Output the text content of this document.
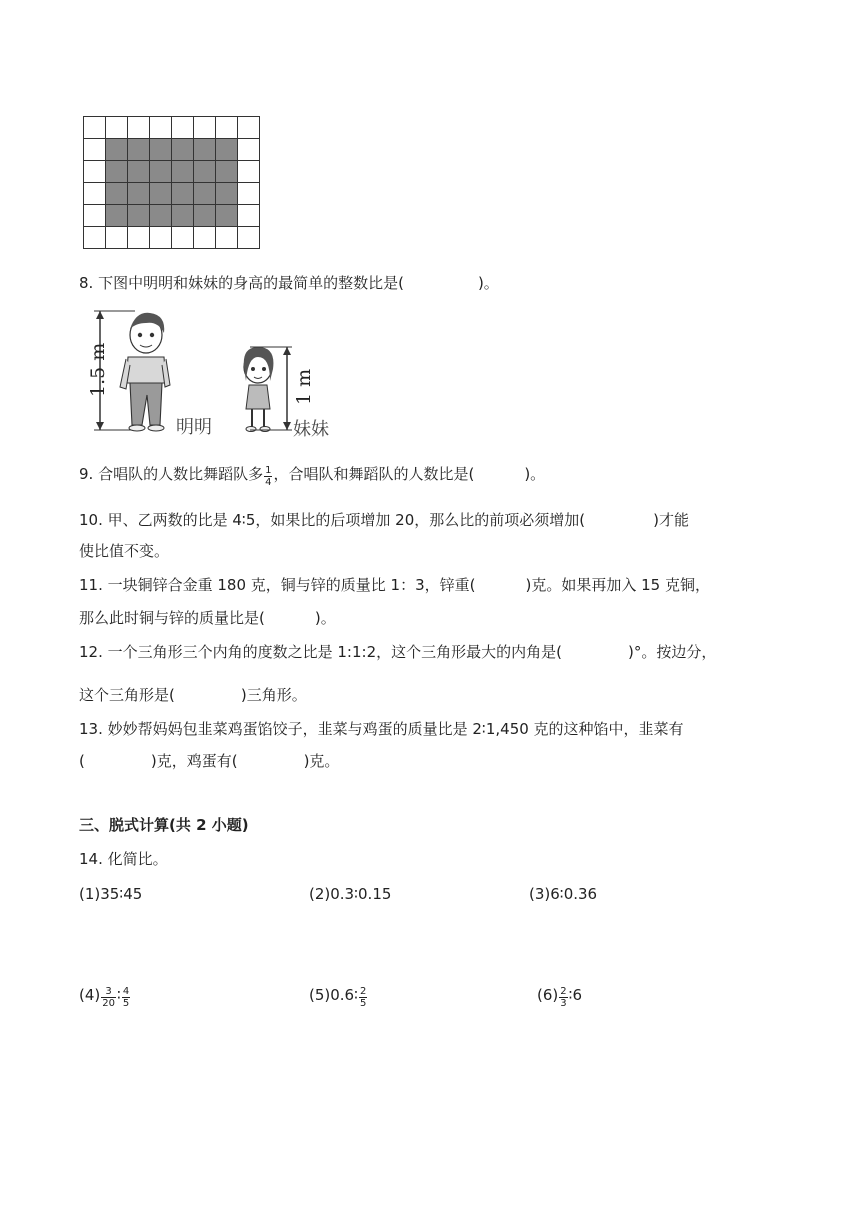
8. 下图中明明和妹妹的身高的最简单的整数比是(	)。
1.5 m
明明
1 m
妹妹
9. 合唱队的人数比舞蹈队多 $\frac{1}{4}$ ，合唱队和舞蹈队的人数比是(	)。
10. 甲、乙两数的比是 4∶5，如果比的后项增加 20，那么比的前项必须增加(	)才能
使比值不变。
11. 一块铜锌合金重 180 克，铜与锌的质量比 1：3，锌重(	)克。如果再加入 15 克铜，
那么此时铜与锌的质量比是(	)。
12. 一个三角形三个内角的度数之比是 1:1:2，这个三角形最大的内角是(	)°。按边分，
这个三角形是(	)三角形。
13. 妙妙帮妈妈包韭菜鸡蛋馅饺子，韭菜与鸡蛋的质量比是 2∶1,450 克的这种馅中，韭菜有
(	)克，鸡蛋有(	)克。
三、脱式计算(共 2 小题)
14. 化简比。
(1)35∶45	(2)0.3∶0.15	(3)6∶0.36
$(4) \frac{3}{20}$ ∶ $\frac{4}{5}$	(5)0.6∶ $\frac{2}{5}$	$(6) \frac{2}{3}$ ∶6
